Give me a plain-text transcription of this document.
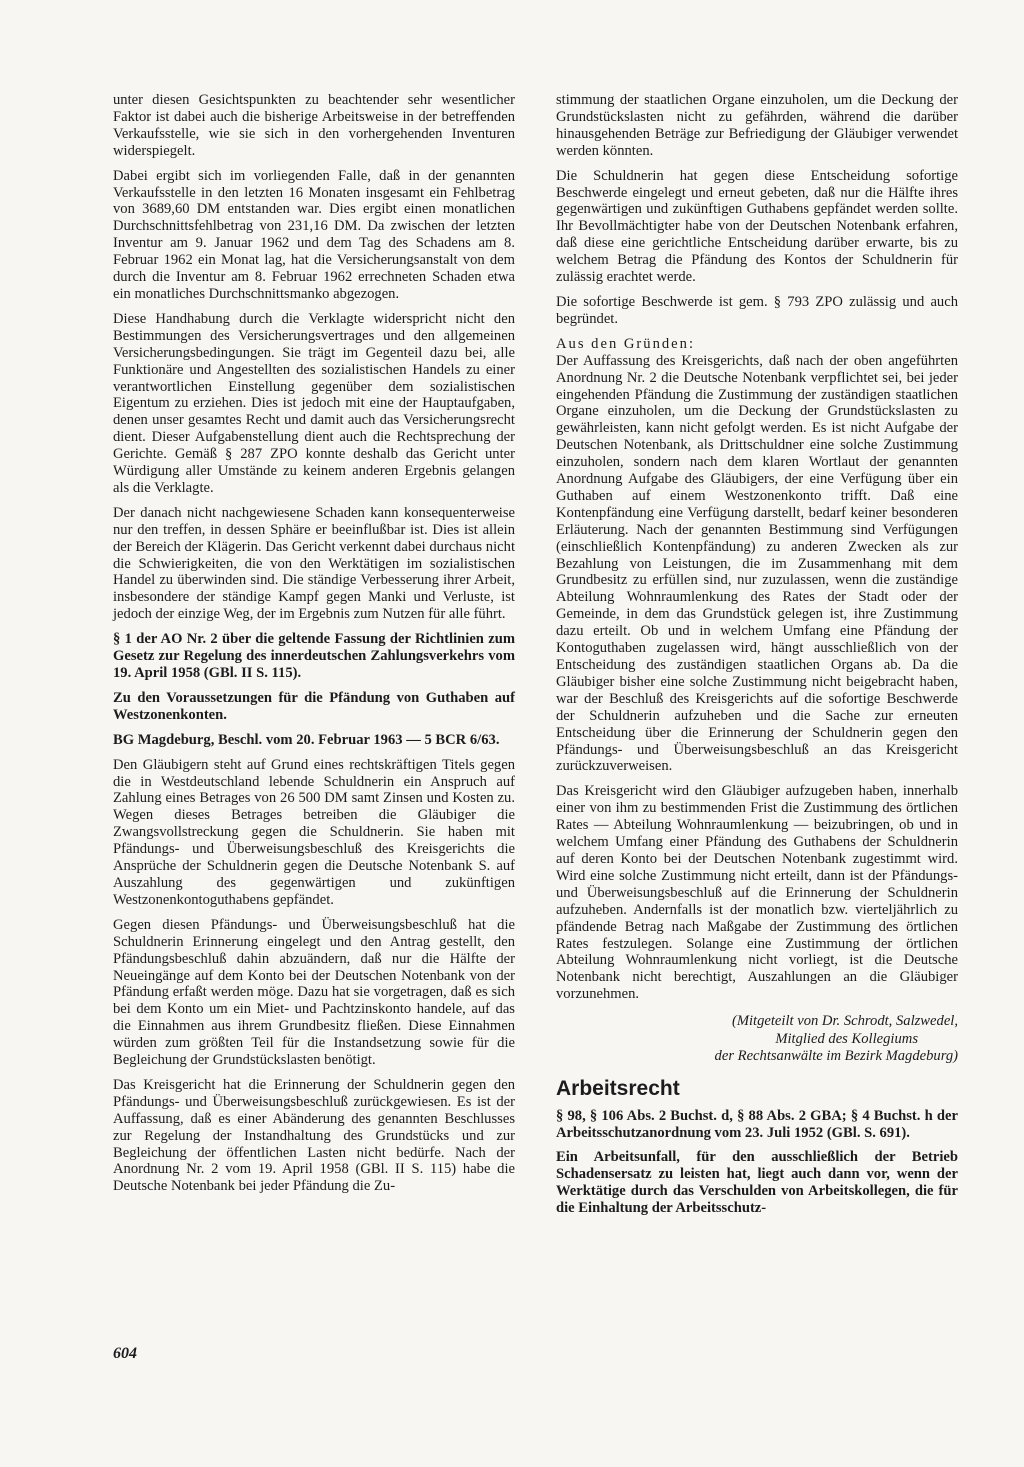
unter diesen Gesichtspunkten zu beachtender sehr wesentlicher Faktor ist dabei auch die bisherige Arbeitsweise in der betreffenden Verkaufsstelle, wie sie sich in den vorhergehenden Inventuren widerspiegelt.

Dabei ergibt sich im vorliegenden Falle, daß in der genannten Verkaufsstelle in den letzten 16 Monaten insgesamt ein Fehlbetrag von 3689,60 DM entstanden war. Dies ergibt einen monatlichen Durchschnittsfehlbetrag von 231,16 DM. Da zwischen der letzten Inventur am 9. Januar 1962 und dem Tag des Schadens am 8. Februar 1962 ein Monat lag, hat die Versicherungsanstalt von dem durch die Inventur am 8. Februar 1962 errechneten Schaden etwa ein monatliches Durchschnittsmanko abgezogen.

Diese Handhabung durch die Verklagte widerspricht nicht den Bestimmungen des Versicherungsvertrages und den allgemeinen Versicherungsbedingungen. Sie trägt im Gegenteil dazu bei, alle Funktionäre und Angestellten des sozialistischen Handels zu einer verantwortlichen Einstellung gegenüber dem sozialistischen Eigentum zu erziehen. Dies ist jedoch mit eine der Hauptaufgaben, denen unser gesamtes Recht und damit auch das Versicherungsrecht dient. Dieser Aufgabenstellung dient auch die Rechtsprechung der Gerichte. Gemäß § 287 ZPO konnte deshalb das Gericht unter Würdigung aller Umstände zu keinem anderen Ergebnis gelangen als die Verklagte.

Der danach nicht nachgewiesene Schaden kann konsequenterweise nur den treffen, in dessen Sphäre er beeinflußbar ist. Dies ist allein der Bereich der Klägerin. Das Gericht verkennt dabei durchaus nicht die Schwierigkeiten, die von den Werktätigen im sozialistischen Handel zu überwinden sind. Die ständige Verbesserung ihrer Arbeit, insbesondere der ständige Kampf gegen Manki und Verluste, ist jedoch der einzige Weg, der im Ergebnis zum Nutzen für alle führt.

§ 1 der AO Nr. 2 über die geltende Fassung der Richtlinien zum Gesetz zur Regelung des innerdeutschen Zahlungsverkehrs vom 19. April 1958 (GBl. II S. 115).

Zu den Voraussetzungen für die Pfändung von Guthaben auf Westzonenkonten.

BG Magdeburg, Beschl. vom 20. Februar 1963 — 5 BCR 6/63.

Den Gläubigern steht auf Grund eines rechtskräftigen Titels gegen die in Westdeutschland lebende Schuldnerin ein Anspruch auf Zahlung eines Betrages von 26 500 DM samt Zinsen und Kosten zu. Wegen dieses Betrages betreiben die Gläubiger die Zwangsvollstreckung gegen die Schuldnerin. Sie haben mit Pfändungs- und Überweisungsbeschluß des Kreisgerichts die Ansprüche der Schuldnerin gegen die Deutsche Notenbank S. auf Auszahlung des gegenwärtigen und zukünftigen Westzonenkontoguthabens gepfändet.

Gegen diesen Pfändungs- und Überweisungsbeschluß hat die Schuldnerin Erinnerung eingelegt und den Antrag gestellt, den Pfändungsbeschluß dahin abzuändern, daß nur die Hälfte der Neueingänge auf dem Konto bei der Deutschen Notenbank von der Pfändung erfaßt werden möge. Dazu hat sie vorgetragen, daß es sich bei dem Konto um ein Miet- und Pachtzinskonto handele, auf das die Einnahmen aus ihrem Grundbesitz fließen. Diese Einnahmen würden zum größten Teil für die Instandsetzung sowie für die Begleichung der Grundstückslasten benötigt.

Das Kreisgericht hat die Erinnerung der Schuldnerin gegen den Pfändungs- und Überweisungsbeschluß zurückgewiesen. Es ist der Auffassung, daß es einer Abänderung des genannten Beschlusses zur Regelung der Instandhaltung des Grundstücks und zur Begleichung der öffentlichen Lasten nicht bedürfe. Nach der Anordnung Nr. 2 vom 19. April 1958 (GBl. II S. 115) habe die Deutsche Notenbank bei jeder Pfändung die Zu-

stimmung der staatlichen Organe einzuholen, um die Deckung der Grundstückslasten nicht zu gefährden, während die darüber hinausgehenden Beträge zur Befriedigung der Gläubiger verwendet werden könnten.

Die Schuldnerin hat gegen diese Entscheidung sofortige Beschwerde eingelegt und erneut gebeten, daß nur die Hälfte ihres gegenwärtigen und zukünftigen Guthabens gepfändet werden sollte. Ihr Bevollmächtigter habe von der Deutschen Notenbank erfahren, daß diese eine gerichtliche Entscheidung darüber erwarte, bis zu welchem Betrag die Pfändung des Kontos der Schuldnerin für zulässig erachtet werde.

Die sofortige Beschwerde ist gem. § 793 ZPO zulässig und auch begründet.

Aus den Gründen:

Der Auffassung des Kreisgerichts, daß nach der oben angeführten Anordnung Nr. 2 die Deutsche Notenbank verpflichtet sei, bei jeder eingehenden Pfändung die Zustimmung der zuständigen staatlichen Organe einzuholen, um die Deckung der Grundstückslasten zu gewährleisten, kann nicht gefolgt werden. Es ist nicht Aufgabe der Deutschen Notenbank, als Drittschuldner eine solche Zustimmung einzuholen, sondern nach dem klaren Wortlaut der genannten Anordnung Aufgabe des Gläubigers, der eine Verfügung über ein Guthaben auf einem Westzonenkonto trifft. Daß eine Kontenpfändung eine Verfügung darstellt, bedarf keiner besonderen Erläuterung. Nach der genannten Bestimmung sind Verfügungen (einschließlich Kontenpfändung) zu anderen Zwecken als zur Bezahlung von Leistungen, die im Zusammenhang mit dem Grundbesitz zu erfüllen sind, nur zuzulassen, wenn die zuständige Abteilung Wohnraumlenkung des Rates der Stadt oder der Gemeinde, in dem das Grundstück gelegen ist, ihre Zustimmung dazu erteilt. Ob und in welchem Umfang eine Pfändung der Kontoguthaben zugelassen wird, hängt ausschließlich von der Entscheidung des zuständigen staatlichen Organs ab. Da die Gläubiger bisher eine solche Zustimmung nicht beigebracht haben, war der Beschluß des Kreisgerichts auf die sofortige Beschwerde der Schuldnerin aufzuheben und die Sache zur erneuten Entscheidung über die Erinnerung der Schuldnerin gegen den Pfändungs- und Überweisungsbeschluß an das Kreisgericht zurückzuverweisen.

Das Kreisgericht wird den Gläubiger aufzugeben haben, innerhalb einer von ihm zu bestimmenden Frist die Zustimmung des örtlichen Rates — Abteilung Wohnraumlenkung — beizubringen, ob und in welchem Umfang einer Pfändung des Guthabens der Schuldnerin auf deren Konto bei der Deutschen Notenbank zugestimmt wird. Wird eine solche Zustimmung nicht erteilt, dann ist der Pfändungs- und Überweisungsbeschluß auf die Erinnerung der Schuldnerin aufzuheben. Andernfalls ist der monatlich bzw. vierteljährlich zu pfändende Betrag nach Maßgabe der Zustimmung des örtlichen Rates festzulegen. Solange eine Zustimmung der örtlichen Abteilung Wohnraumlenkung nicht vorliegt, ist die Deutsche Notenbank nicht berechtigt, Auszahlungen an die Gläubiger vorzunehmen.

(Mitgeteilt von Dr. Schrodt, Salzwedel,
Mitglied des Kollegiums
der Rechtsanwälte im Bezirk Magdeburg)
Arbeitsrecht

§ 98, § 106 Abs. 2 Buchst. d, § 88 Abs. 2 GBA; § 4 Buchst. h der Arbeitsschutzanordnung vom 23. Juli 1952 (GBl. S. 691).

Ein Arbeitsunfall, für den ausschließlich der Betrieb Schadensersatz zu leisten hat, liegt auch dann vor, wenn der Werktätige durch das Verschulden von Arbeitskollegen, die für die Einhaltung der Arbeitsschutz-

604
